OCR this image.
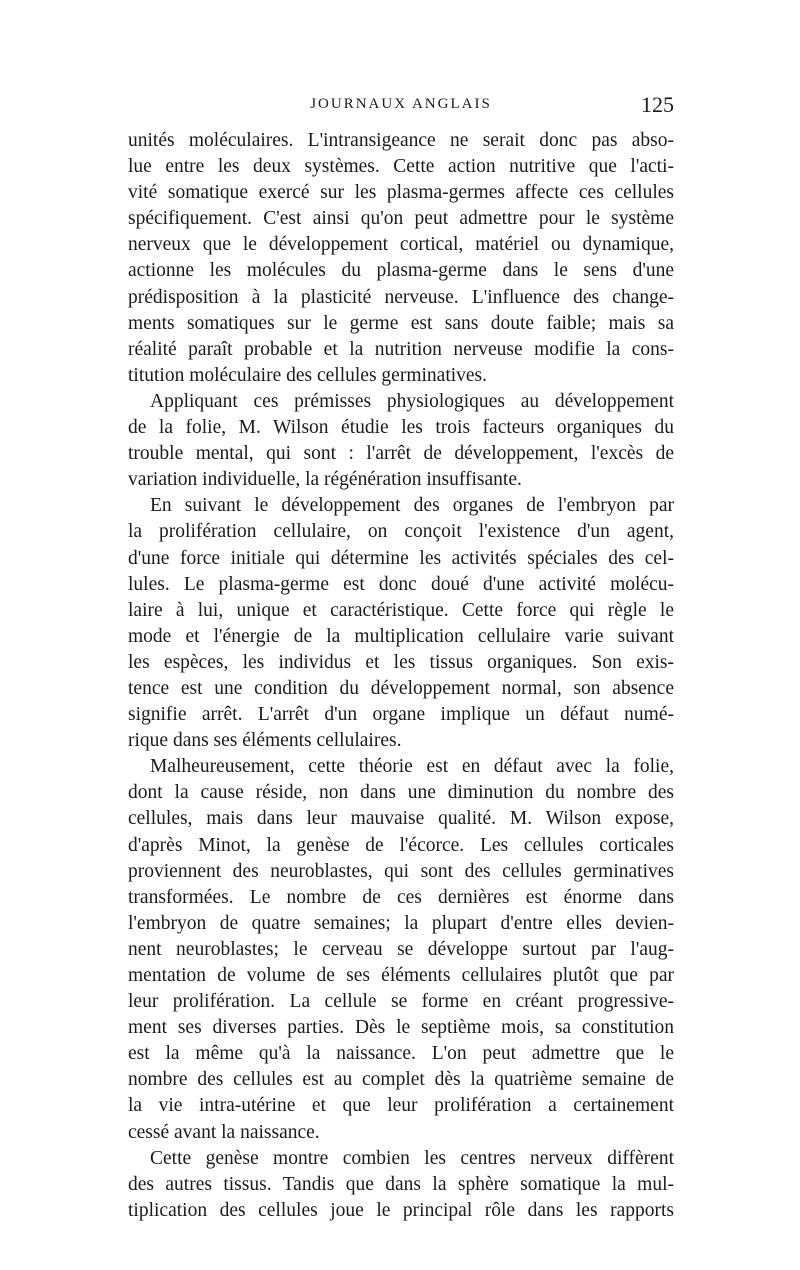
JOURNAUX ANGLAIS	125
unités moléculaires. L'intransigeance ne serait donc pas abso-
lue entre les deux systèmes. Cette action nutritive que l'acti-
vité somatique exercé sur les plasma-germes affecte ces cellules
spécifiquement. C'est ainsi qu'on peut admettre pour le système
nerveux que le développement cortical, matériel ou dynamique,
actionne les molécules du plasma-germe dans le sens d'une
prédisposition à la plasticité nerveuse. L'influence des change-
ments somatiques sur le germe est sans doute faible; mais sa
réalité paraît probable et la nutrition nerveuse modifie la cons-
titution moléculaire des cellules germinatives.
Appliquant ces prémisses physiologiques au développement
de la folie, M. Wilson étudie les trois facteurs organiques du
trouble mental, qui sont : l'arrêt de développement, l'excès de
variation individuelle, la régénération insuffisante.
En suivant le développement des organes de l'embryon par
la prolifération cellulaire, on conçoit l'existence d'un agent,
d'une force initiale qui détermine les activités spéciales des cel-
lules. Le plasma-germe est donc doué d'une activité molécu-
laire à lui, unique et caractéristique. Cette force qui règle le
mode et l'énergie de la multiplication cellulaire varie suivant
les espèces, les individus et les tissus organiques. Son exis-
tence est une condition du développement normal, son absence
signifie arrêt. L'arrêt d'un organe implique un défaut numé-
rique dans ses éléments cellulaires.
Malheureusement, cette théorie est en défaut avec la folie,
dont la cause réside, non dans une diminution du nombre des
cellules, mais dans leur mauvaise qualité. M. Wilson expose,
d'après Minot, la genèse de l'écorce. Les cellules corticales
proviennent des neuroblastes, qui sont des cellules germinatives
transformées. Le nombre de ces dernières est énorme dans
l'embryon de quatre semaines; la plupart d'entre elles devien-
nent neuroblastes; le cerveau se développe surtout par l'aug-
mentation de volume de ses éléments cellulaires plutôt que par
leur prolifération. La cellule se forme en créant progressive-
ment ses diverses parties. Dès le septième mois, sa constitution
est la même qu'à la naissance. L'on peut admettre que le
nombre des cellules est au complet dès la quatrième semaine de
la vie intra-utérine et que leur prolifération a certainement
cessé avant la naissance.
Cette genèse montre combien les centres nerveux diffèrent
des autres tissus. Tandis que dans la sphère somatique la mul-
tiplication des cellules joue le principal rôle dans les rapports
